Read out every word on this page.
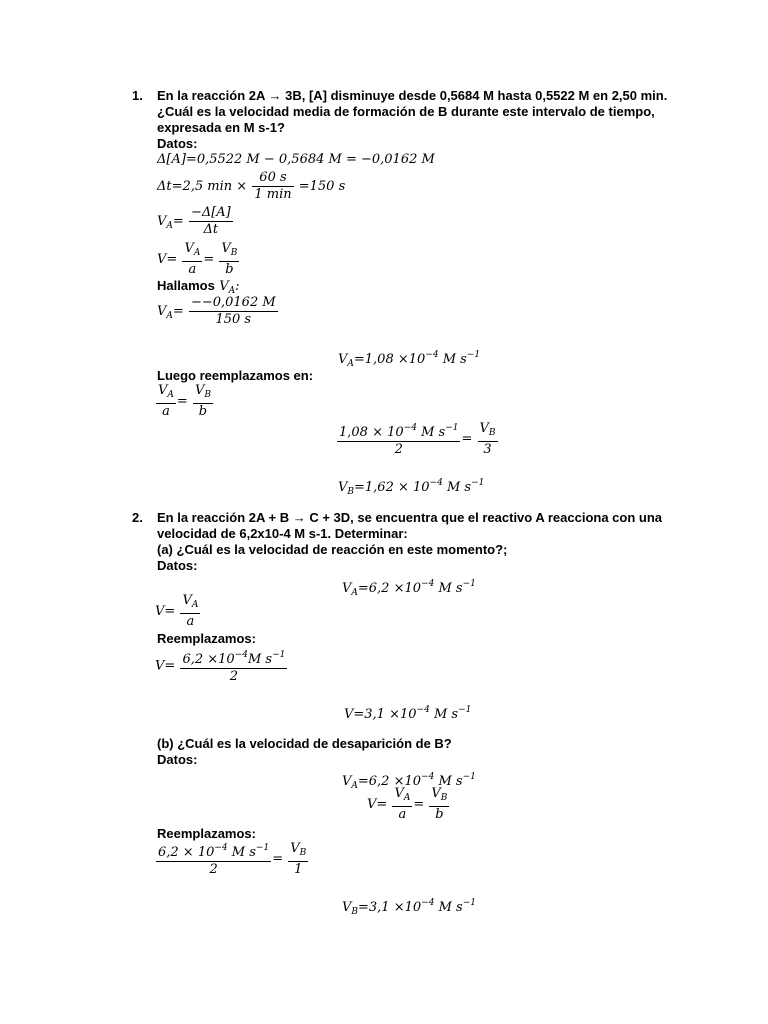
1. En la reacción 2A → 3B, [A] disminuye desde 0,5684 M hasta 0,5522 M en 2,50 min.
¿Cuál es la velocidad media de formación de B durante este intervalo de tiempo,
expresada en M s-1?
Datos:
Δ[A]=0,5522 M − 0,5684 M = −0,0162 M
Δt=2,5 $\min \times \frac{60 s}{1 \min} =150$ s
$V_A= \frac{-\Delta[A]}{\Delta t}$
$V= \frac{V_A}{a} = \frac{V_B}{b}$
Hallamos $V_A$:
$V_A= \frac{--0,0162 M}{150 s}$
$V_A=1,08 \times 10^{-4}$ M $s^{-1}$
Luego reemplazamos en:
$\frac{V_A}{a} = \frac{V_B}{b}$
$\frac{1,08 \times 10^{-4} M s^{-1}}{2} = \frac{V_B}{3}$
$V_B=1,62 \times 10^{-4}$ M $s^{-1}$
2. En la reacción 2A + B → C + 3D, se encuentra que el reactivo A reacciona con una
velocidad de 6,2x10-4 M s-1. Determinar:
(a) ¿Cuál es la velocidad de reacción en este momento?;
Datos:
$V_A=6,2 \times 10^{-4}$ M $s^{-1}$
$V= \frac{V_A}{a}$
Reemplazamos:
$V= \frac{6,2 \times 10^{-4}M s^{-1}}{2}$
$V=3,1 \times 10^{-4}$ M $s^{-1}$
(b) ¿Cuál es la velocidad de desaparición de B?
Datos:
$V_A=6,2 \times 10^{-4}$ M $s^{-1}$
$V= \frac{V_A}{a} = \frac{V_B}{b}$
Reemplazamos:
$\frac{6,2 \times 10^{-4} M s^{-1}}{2} = \frac{V_B}{1}$
$V_B=3,1 \times 10^{-4}$ M $s^{-1}$
